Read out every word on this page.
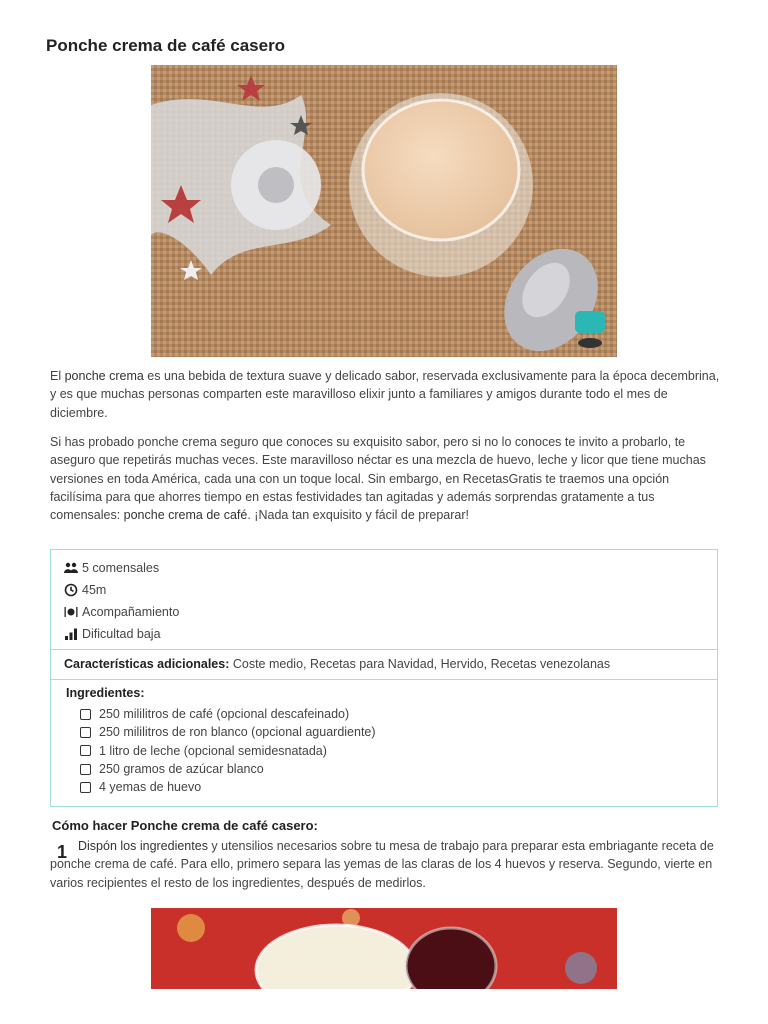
Ponche crema de café casero

El ponche crema es una bebida de textura suave y delicado sabor, reservada exclusivamente para la época decembrina, y es que muchas personas comparten este maravilloso elixir junto a familiares y amigos durante todo el mes de diciembre.

Si has probado ponche crema seguro que conoces su exquisito sabor, pero si no lo conoces te invito a probarlo, te aseguro que repetirás muchas veces. Este maravilloso néctar es una mezcla de huevo, leche y licor que tiene muchas versiones en toda América, cada una con un toque local. Sin embargo, en RecetasGratis te traemos una opción facilísima para que ahorres tiempo en estas festividades tan agitadas y además sorprendas gratamente a tus comensales: ponche crema de café. ¡Nada tan exquisito y fácil de preparar!

5 comensales
45m
Acompañamiento
Dificultad baja
Características adicionales: Coste medio, Recetas para Navidad, Hervido, Recetas venezolanas
Ingredientes:
250 mililitros de café (opcional descafeinado)
250 mililitros de ron blanco (opcional aguardiente)
1 litro de leche (opcional semidesnatada)
250 gramos de azúcar blanco
4 yemas de huevo
Cómo hacer Ponche crema de café casero:
1 Dispón los ingredientes y utensilios necesarios sobre tu mesa de trabajo para preparar esta embriagante receta de ponche crema de café. Para ello, primero separa las yemas de las claras de los 4 huevos y reserva. Segundo, vierte en varios recipientes el resto de los ingredientes, después de medirlos.
